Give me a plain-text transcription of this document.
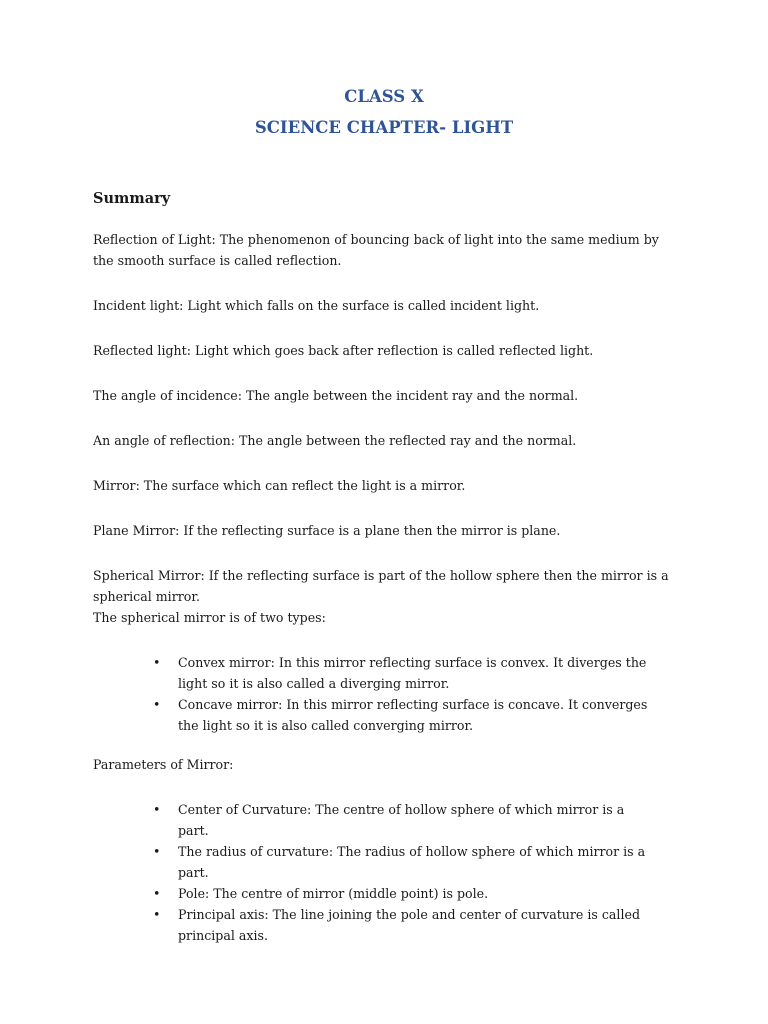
CLASS X
SCIENCE CHAPTER- LIGHT
Summary

Reflection of Light: The phenomenon of bouncing back of light into the same medium by the smooth surface is called reflection.

Incident light: Light which falls on the surface is called incident light.

Reflected light: Light which goes back after reflection is called reflected light.

The angle of incidence: The angle between the incident ray and the normal.

An angle of reflection: The angle between the reflected ray and the normal.

Mirror: The surface which can reflect the light is a mirror.

Plane Mirror: If the reflecting surface is a plane then the mirror is plane.

Spherical Mirror: If the reflecting surface is part of the hollow sphere then the mirror is a spherical mirror.

The spherical mirror is of two types:

• Convex mirror: In this mirror reflecting surface is convex. It diverges the light so it is also called a diverging mirror.
• Concave mirror: In this mirror reflecting surface is concave. It converges the light so it is also called converging mirror.

Parameters of Mirror:

• Center of Curvature: The centre of hollow sphere of which mirror is a part.
• The radius of curvature: The radius of hollow sphere of which mirror is a part.
• Pole: The centre of mirror (middle point) is pole.
• Principal axis: The line joining the pole and center of curvature is called principal axis.
